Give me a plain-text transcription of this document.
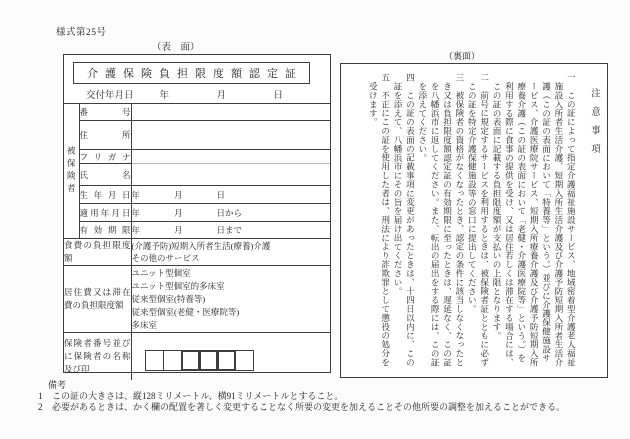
様式第25号
（表　面）
（裏面）
介護保険負担限度額認定証
交付年月日	年　　　　　月　　　　　日
被保険者	番号	
	住所	
	フリガナ	
	氏名	
	生年月日	年　　　　月　　　　日
	適用年月日	年　　　　月　　　　日から
	有効期限	年　　　　月　　　　日まで
食費の負担限度額		(介護予防)短期入所者生活(療養)介護
その他のサービス

居住費又は滞在費の負担限度額		ユニット型個室
ユニット型個室的多床室
従来型個室(特養等)
従来型個室(老健・医療院等)
多床室

保険者番号並びに保険者の名称及び印		
注意事項

一　この証によって指定介護福祉施設サービス、地域密着型介護老人福祉施設入所者生活介護、短期入所生活介護及び介護予防短期入所者生活介護（この証の表面において「特養等」という。）並びに介護保健施設サービス、介護医療院サービス、短期入所療養介護及び介護予防短期入所療養介護（この証の表面において「老健・介護医療院等」という。）を利用する際に食事の提供を受け、又は居住若しくは滞在する場合には、この証の表面に記載する負担限度額が支払いの上限となります。

二　前号に規定するサービスを利用するときは、被保険者証とともに必ずこの証を特定介護保健施設等の窓口に提出してください。

三　被保険者の資格がなくなったとき、認定の条件に該当しなくなったとき又は負担限度額認定証の有効期限に至ったときは、遅延なく、この証を八幡浜市に返してください。また、転出の届出をする際には、この証を添えてください。

四　この証の表面の記載事項に変更があったときは、十四日以内に、この証を添えて、八幡浜市にその旨を届け出てください。

五　不正にこの証を使用した者は、刑法により詐欺罪として懲役の処分を受けます。

備考
1	この証の大きさは、縦128ミリメートル、横91ミリメートルとすること。
2	必要があるときは、かく欄の配置を著しく変更することなく所要の変更を加えることその他所要の調整を加えることができる。
